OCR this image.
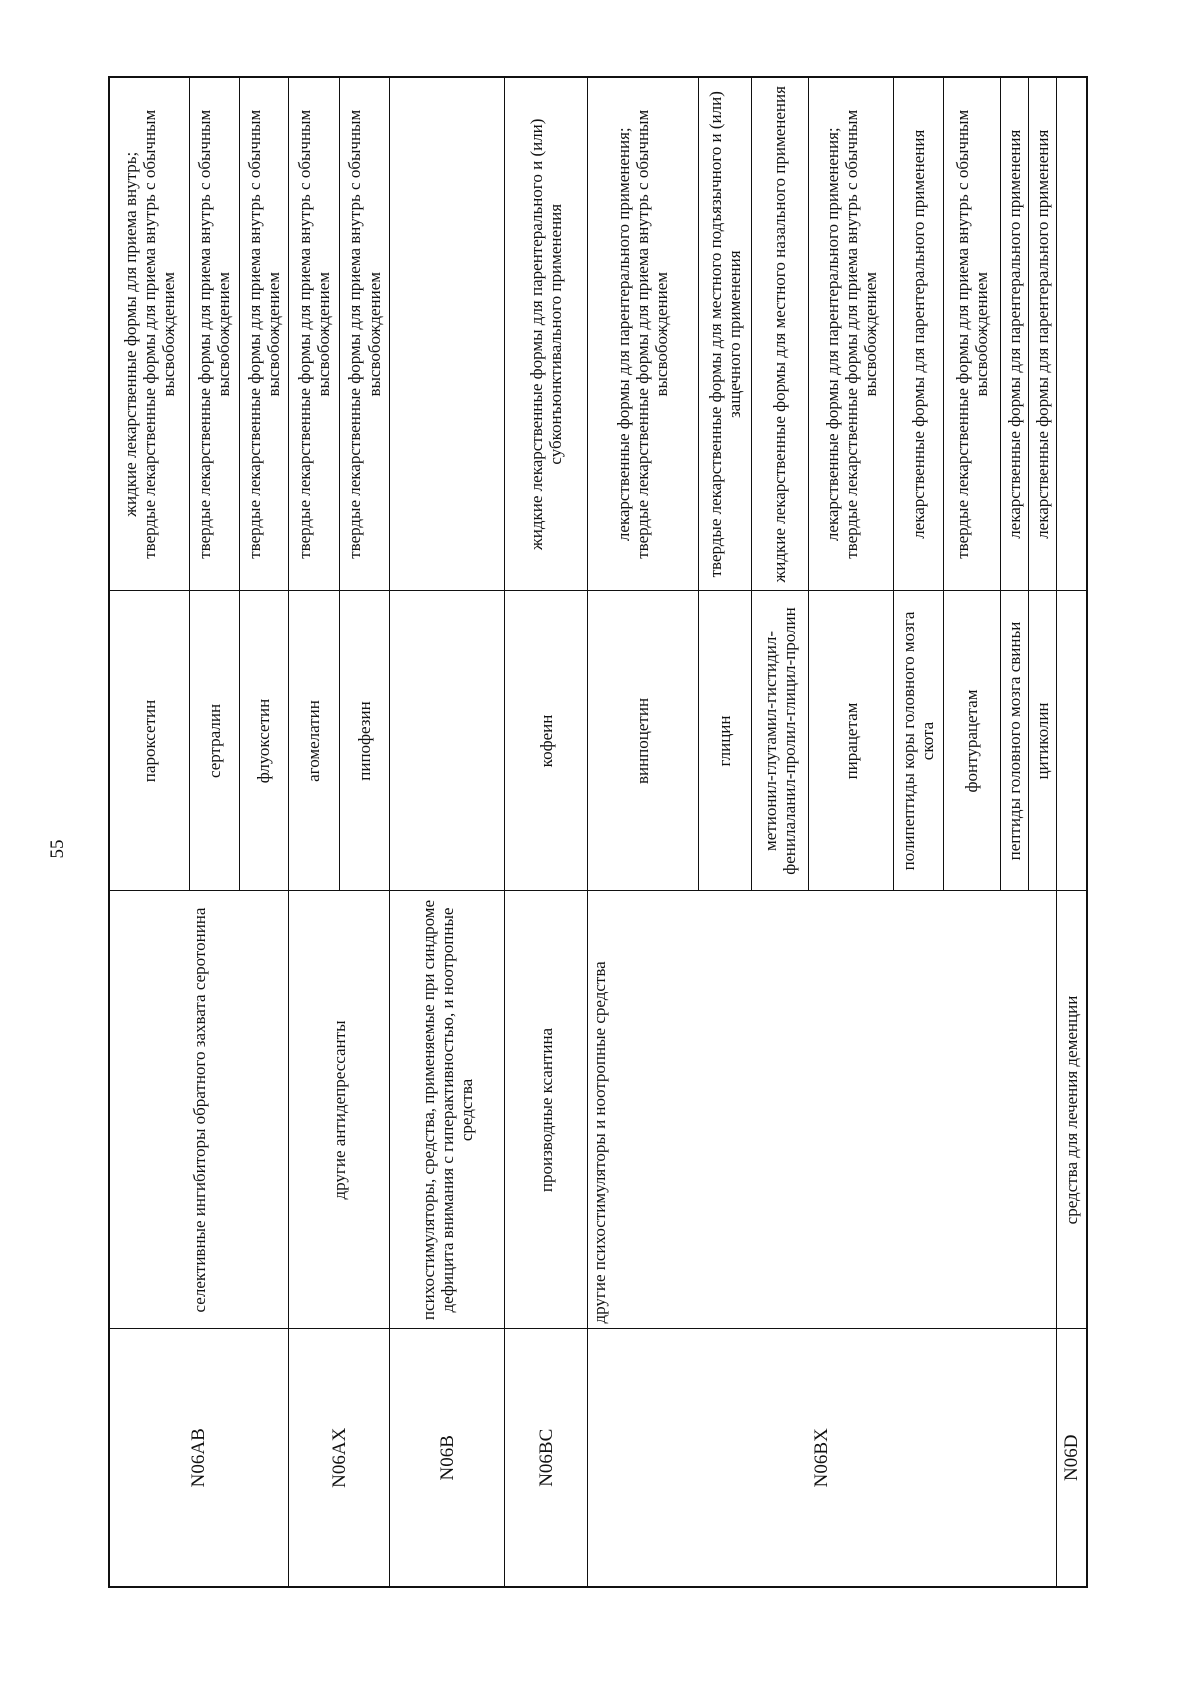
55
N06AB	селективные ингибиторы обратного захвата серотонина	пароксетин	жидкие лекарственные формы для приема внутрь; твердые лекарственные формы для приема внутрь с обычным высвобождением

		сертралин	твердые лекарственные формы для приема внутрь с обычным высвобождением
		флуоксетин	твердые лекарственные формы для приема внутрь с обычным высвобождением
N06AX	другие антидепрессанты	агомелатин	твердые лекарственные формы для приема внутрь с обычным высвобождением
		пипофезин	твердые лекарственные формы для приема внутрь с обычным высвобождением
N06B	психостимуляторы, средства, применяемые при синдроме дефицита внимания с гиперактивностью, и ноотропные средства		
N06BC	производные ксантина	кофеин	жидкие лекарственные формы для парентерального и (или) субконъюнктивального применения
N06BX	другие психостимуляторы и ноотропные средства	винпоцетин	лекарственные формы для парентерального применения; твердые лекарственные формы для приема внутрь с обычным высвобождением

		глицин	твердые лекарственные формы для местного подъязычного и (или) защечного применения
		метионил-глутамил-гистидил-фенилаланил-пролил-глицил-пролин	жидкие лекарственные формы для местного назального применения
		пирацетам	лекарственные формы для парентерального применения; твердые лекарственные формы для приема внутрь с обычным высвобождением

		полипептиды коры головного мозга скота	лекарственные формы для парентерального применения
		фонтурацетам	твердые лекарственные формы для приема внутрь с обычным высвобождением
		пептиды головного мозга свиньи	лекарственные формы для парентерального применения
		цитиколин	лекарственные формы для парентерального применения
N06D	средства для лечения деменции		
